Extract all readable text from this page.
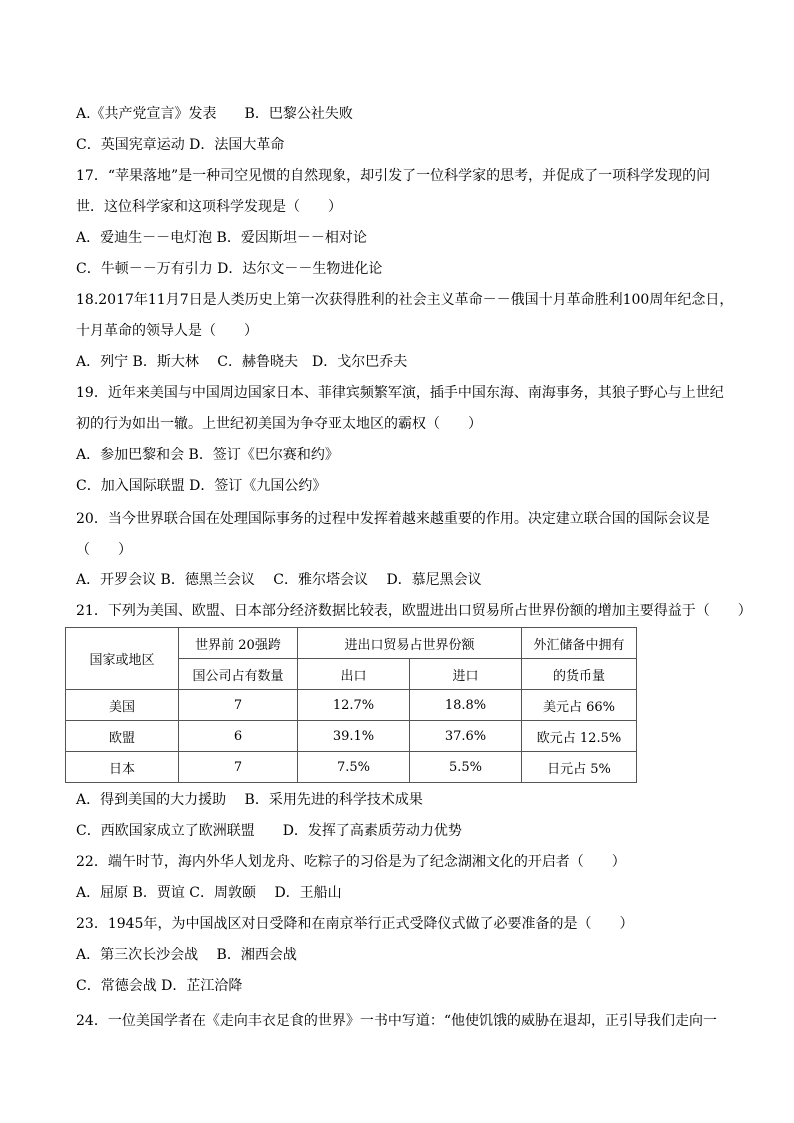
A.《共产党宣言》发表　　B．巴黎公社失败
C．英国宪章运动 D．法国大革命
17．“苹果落地”是一种司空见惯的自然现象，却引发了一位科学家的思考，并促成了一项科学发现的问
世．这位科学家和这项科学发现是（　　）
A．爱迪生－－电灯泡 B．爱因斯坦－－相对论
C．牛顿－－万有引力 D．达尔文－－生物进化论
18.2017年11月7日是人类历史上第一次获得胜利的社会主义革命－－俄国十月革命胜利100周年纪念日，
十月革命的领导人是（　　）
A．列宁 B．斯大林　 C．赫鲁晓夫　D．戈尔巴乔夫
19．近年来美国与中国周边国家日本、菲律宾频繁军演，插手中国东海、南海事务，其狼子野心与上世纪
初的行为如出一辙。上世纪初美国为争夺亚太地区的霸权（　　）
A．参加巴黎和会 B．签订《巴尔赛和约》
C．加入国际联盟 D．签订《九国公约》
20．当今世界联合国在处理国际事务的过程中发挥着越来越重要的作用。决定建立联合国的国际会议是
（　　）
A．开罗会议 B．德黑兰会议　 C．雅尔塔会议　 D．慕尼黑会议
21．下列为美国、欧盟、日本部分经济数据比较表，欧盟进出口贸易所占世界份额的增加主要得益于（　　）
国家或地区	世界前 20强跨	进出口贸易占世界份额		外汇储备中拥有
	国公司占有数量	出口	进口	的货币量
美国	7	12.7%	18.8%	美元占 66%
欧盟	6	39.1%	37.6%	欧元占 12.5%
日本	7	7.5%	5.5%	日元占 5%
A．得到美国的大力援助　 B．采用先进的科学技术成果
C．西欧国家成立了欧洲联盟　　D．发挥了高素质劳动力优势
22．端午时节，海内外华人划龙舟、吃粽子的习俗是为了纪念湖湘文化的开启者（　　）
A．屈原 B．贾谊 C．周敦颐　 D．王船山
23．1945年，为中国战区对日受降和在南京举行正式受降仪式做了必要准备的是（　　）
A．第三次长沙会战　 B．湘西会战
C．常德会战 D．芷江洽降
24．一位美国学者在《走向丰衣足食的世界》一书中写道：“他使饥饿的威胁在退却，正引导我们走向一
